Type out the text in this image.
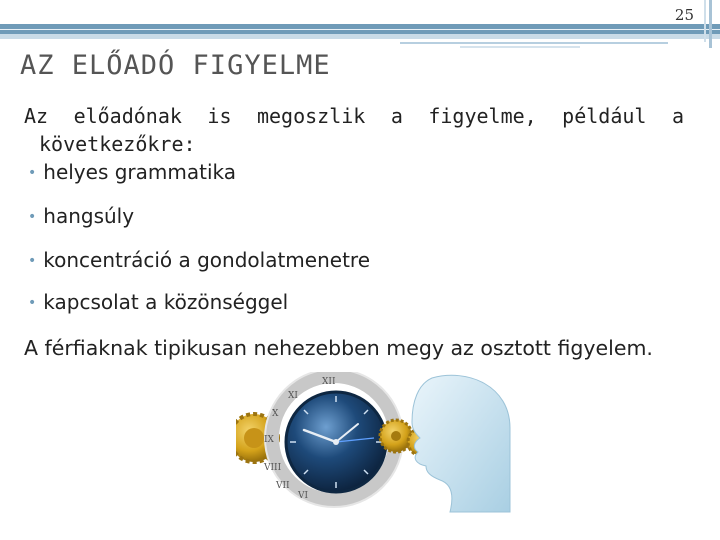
25
AZ ELŐADÓ FIGYELME
Az előadónak is megoszlik a figyelme, például a
következőkre:
• helyes grammatika
• hangsúly
• koncentráció a gondolatmenetre
• kapcsolat a közönséggel
A férfiaknak tipikusan nehezebben megy az osztott figyelem.
XII
XI
X
IX
VIII
VII
VI
